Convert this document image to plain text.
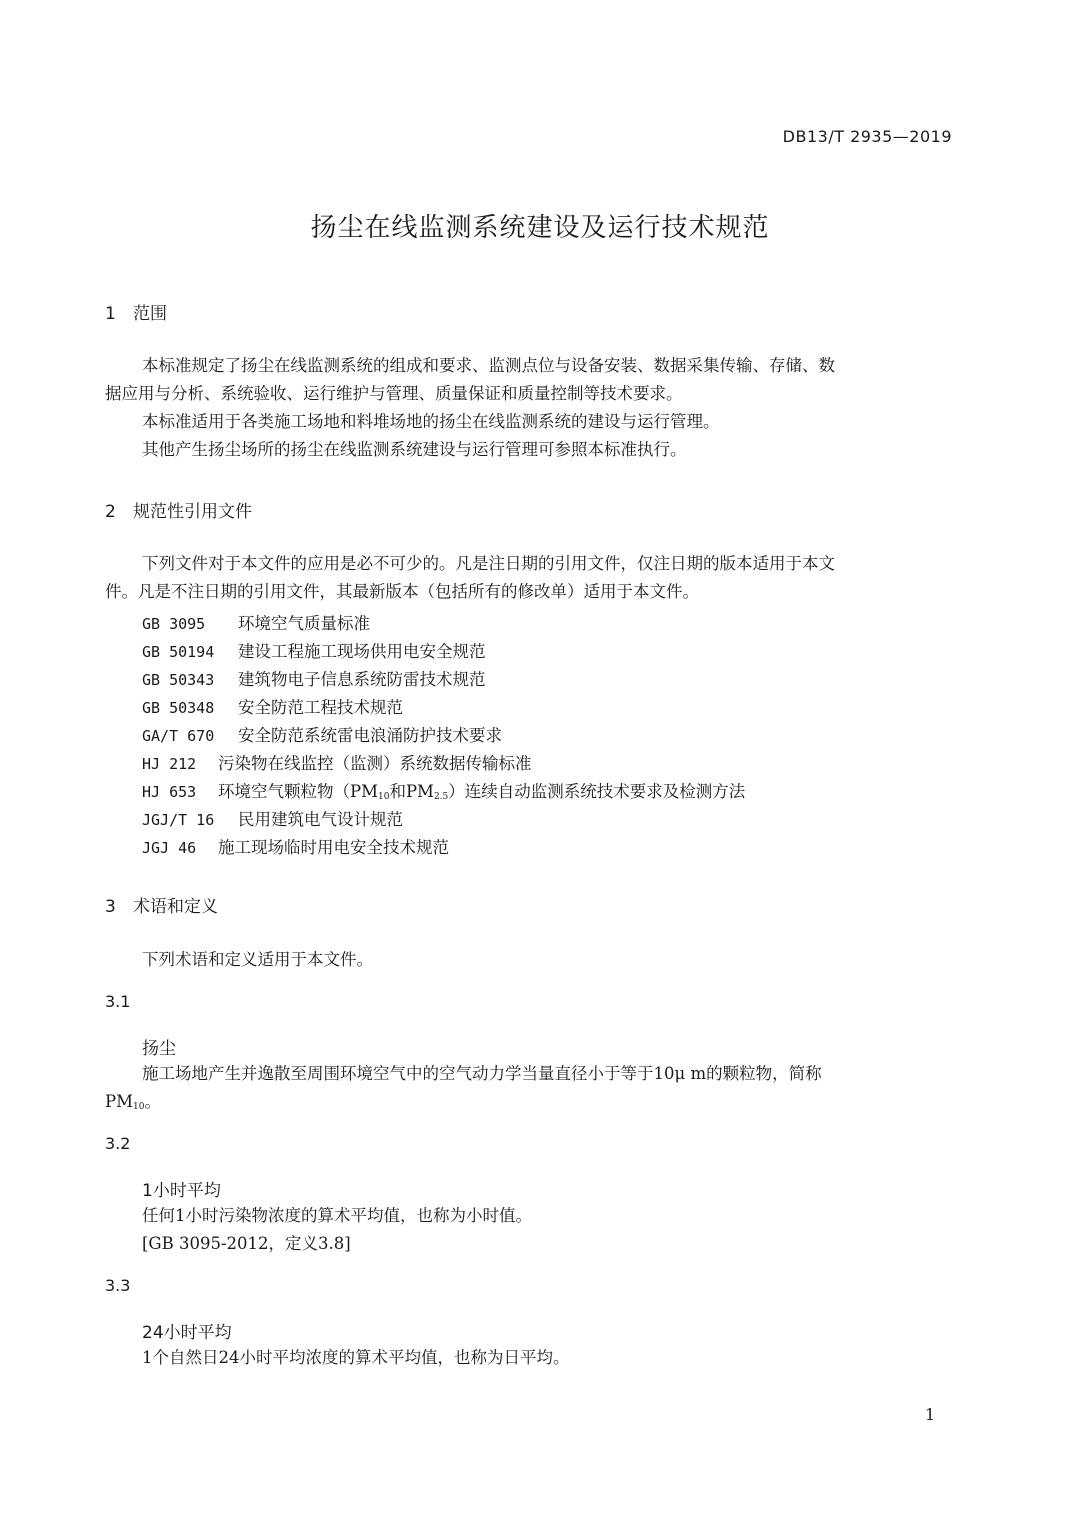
DB13/T 2935—2019
扬尘在线监测系统建设及运行技术规范
1 范围
本标准规定了扬尘在线监测系统的组成和要求、监测点位与设备安装、数据采集传输、存储、数
据应用与分析、系统验收、运行维护与管理、质量保证和质量控制等技术要求。
本标准适用于各类施工场地和料堆场地的扬尘在线监测系统的建设与运行管理。
其他产生扬尘场所的扬尘在线监测系统建设与运行管理可参照本标准执行。
2 规范性引用文件
下列文件对于本文件的应用是必不可少的。凡是注日期的引用文件，仅注日期的版本适用于本文
件。凡是不注日期的引用文件，其最新版本（包括所有的修改单）适用于本文件。
GB 3095 环境空气质量标准
GB 50194 建设工程施工现场供用电安全规范
GB 50343 建筑物电子信息系统防雷技术规范
GB 50348 安全防范工程技术规范
GA/T 670 安全防范系统雷电浪涌防护技术要求
HJ 212 污染物在线监控（监测）系统数据传输标准
HJ 653 环境空气颗粒物（$PM_{10}$和$PM_{2.5}$）连续自动监测系统技术要求及检测方法
JGJ/T 16 民用建筑电气设计规范
JGJ 46 施工现场临时用电安全技术规范
3 术语和定义
下列术语和定义适用于本文件。
3.1
扬尘
施工场地产生并逸散至周围环境空气中的空气动力学当量直径小于等于10μ m的颗粒物，简称
$PM_{10}$。
3.2
1小时平均
任何1小时污染物浓度的算术平均值，也称为小时值。
[GB 3095-2012，定义3.8]
3.3
24小时平均
1个自然日24小时平均浓度的算术平均值，也称为日平均。
1
